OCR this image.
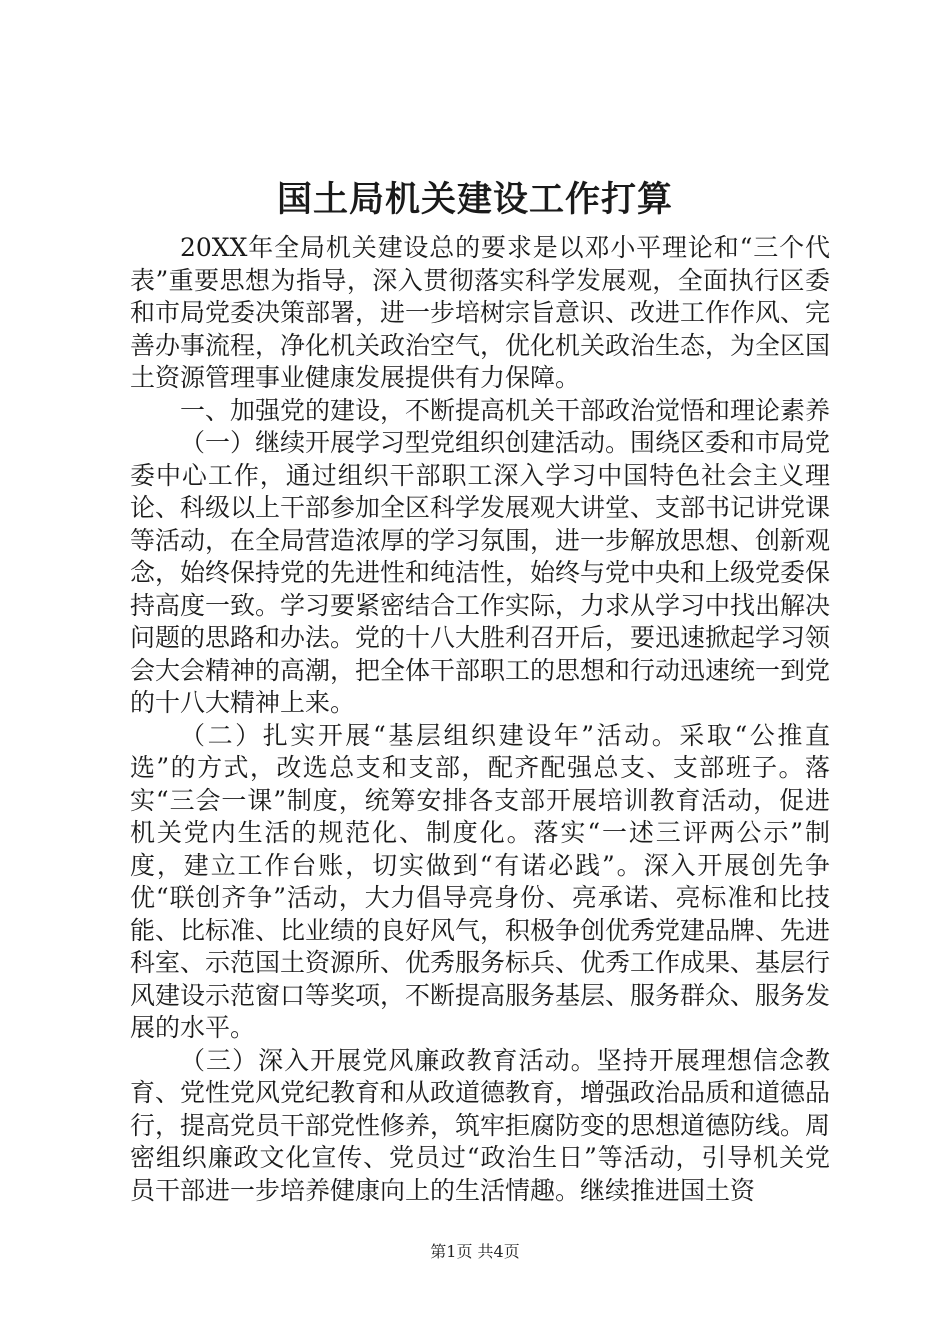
国土局机关建设工作打算

20XX年全局机关建设总的要求是以邓小平理论和“三个代表”重要思想为指导，深入贯彻落实科学发展观，全面执行区委和市局党委决策部署，进一步培树宗旨意识、改进工作作风、完善办事流程，净化机关政治空气，优化机关政治生态，为全区国土资源管理事业健康发展提供有力保障。

一、加强党的建设，不断提高机关干部政治觉悟和理论素养

（一）继续开展学习型党组织创建活动。围绕区委和市局党委中心工作，通过组织干部职工深入学习中国特色社会主义理论、科级以上干部参加全区科学发展观大讲堂、支部书记讲党课等活动，在全局营造浓厚的学习氛围，进一步解放思想、创新观念，始终保持党的先进性和纯洁性，始终与党中央和上级党委保持高度一致。学习要紧密结合工作实际，力求从学习中找出解决问题的思路和办法。党的十八大胜利召开后，要迅速掀起学习领会大会精神的高潮，把全体干部职工的思想和行动迅速统一到党的十八大精神上来。

（二）扎实开展“基层组织建设年”活动。采取“公推直选”的方式，改选总支和支部，配齐配强总支、支部班子。落实“三会一课”制度，统筹安排各支部开展培训教育活动，促进机关党内生活的规范化、制度化。落实“一述三评两公示”制度，建立工作台账，切实做到“有诺必践”。深入开展创先争优“联创齐争”活动，大力倡导亮身份、亮承诺、亮标准和比技能、比标准、比业绩的良好风气，积极争创优秀党建品牌、先进科室、示范国土资源所、优秀服务标兵、优秀工作成果、基层行风建设示范窗口等奖项，不断提高服务基层、服务群众、服务发展的水平。

（三）深入开展党风廉政教育活动。坚持开展理想信念教育、党性党风党纪教育和从政道德教育，增强政治品质和道德品行，提高党员干部党性修养，筑牢拒腐防变的思想道德防线。周密组织廉政文化宣传、党员过“政治生日”等活动，引导机关党员干部进一步培养健康向上的生活情趣。继续推进国土资

第1页 共4页
